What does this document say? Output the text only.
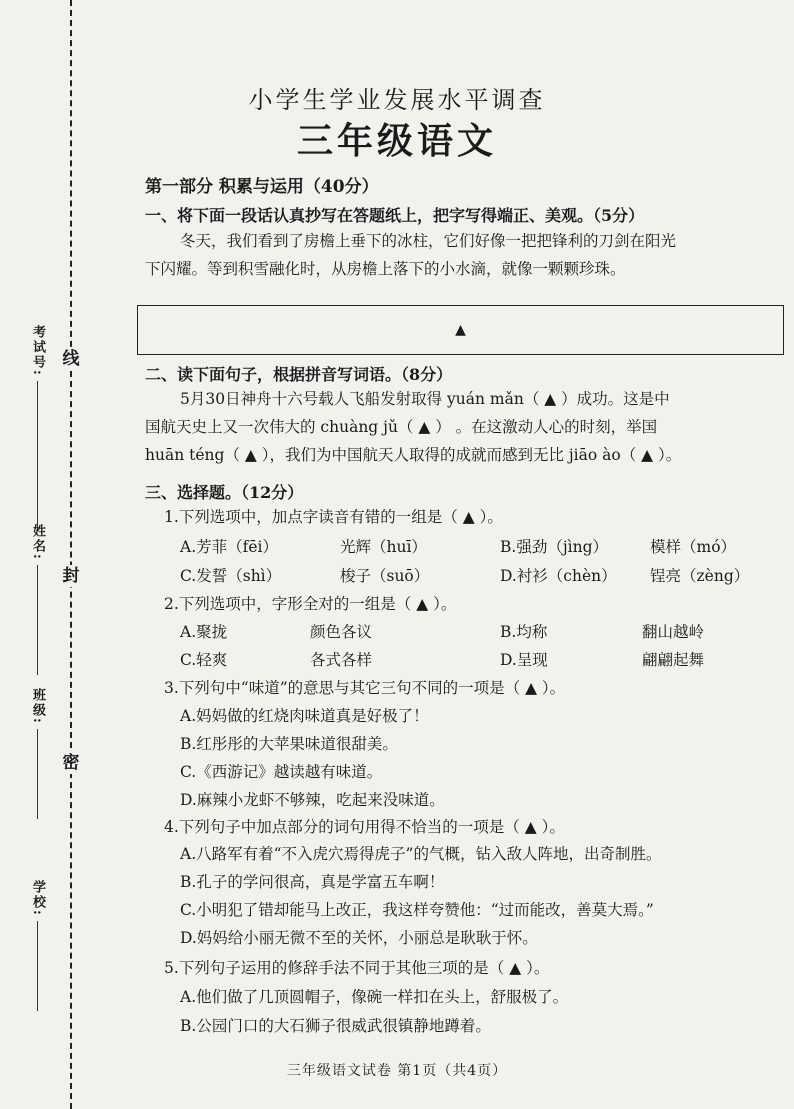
考试号:
姓名:
班级:
学校:
线
封
密
小学生学业发展水平调查
三年级语文
第一部分 积累与运用（40分）
一、将下面一段话认真抄写在答题纸上，把字写得端正、美观。（5分）
冬天，我们看到了房檐上垂下的冰柱，它们好像一把把锋利的刀剑在阳光
下闪耀。等到积雪融化时，从房檐上落下的小水滴，就像一颗颗珍珠。
▲
二、读下面句子，根据拼音写词语。（8分）
5月30日神舟十六号载人飞船发射取得 yuán mǎn（ ▲ ）成功。这是中
国航天史上又一次伟大的 chuàng jǔ（ ▲ ） 。在这激动人心的时刻，举国
huān téng（ ▲ ），我们为中国航天人取得的成就而感到无比 jiāo ào（ ▲ ）。
三、选择题。（12分）
1.下列选项中，加点字读音有错的一组是（ ▲ ）。
A.芳菲（fēi）	光辉（huī）	B.强劲（jìng）	模样（mó）
C.发誓（shì）	梭子（suō）	D.衬衫（chèn） 锃亮（zèng）
2.下列选项中，字形全对的一组是（ ▲ ）。
A.聚拢	颜色各议	B.均称	翻山越岭
C.轻爽	各式各样	D.呈现	翩翩起舞
3.下列句中“味道”的意思与其它三句不同的一项是（ ▲ ）。
A.妈妈做的红烧肉味道真是好极了！
B.红彤彤的大苹果味道很甜美。
C.《西游记》越读越有味道。
D.麻辣小龙虾不够辣，吃起来没味道。
4.下列句子中加点部分的词句用得不恰当的一项是（ ▲ ）。
A.八路军有着“不入虎穴焉得虎子”的气概，钻入敌人阵地，出奇制胜。
B.孔子的学问很高，真是学富五车啊！
C.小明犯了错却能马上改正，我这样夸赞他：“过而能改，善莫大焉。”
D.妈妈给小丽无微不至的关怀，小丽总是耿耿于怀。
5.下列句子运用的修辞手法不同于其他三项的是（ ▲ ）。
A.他们做了几顶圆帽子，像碗一样扣在头上，舒服极了。
B.公园门口的大石狮子很威武很镇静地蹲着。
三年级语文试卷 第1页（共4页）
